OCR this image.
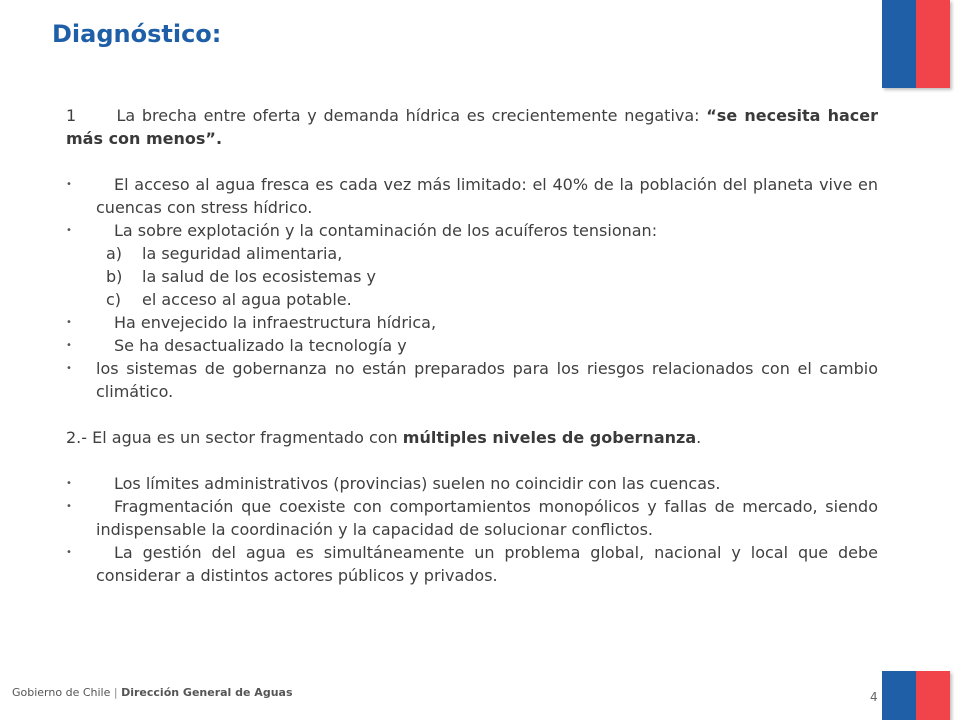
Diagnóstico:

1	La brecha entre oferta y demanda hídrica es crecientemente negativa: “se necesita hacer más con menos”.

•	El acceso al agua fresca es cada vez más limitado: el 40% de la población del planeta vive en cuencas con stress hídrico.
•	La sobre explotación y la contaminación de los acuíferos tensionan:
a) la seguridad alimentaria,
b) la salud de los ecosistemas y
c) el acceso al agua potable.
•	Ha envejecido la infraestructura hídrica,
•	Se ha desactualizado la tecnología y
• los sistemas de gobernanza no están preparados para los riesgos relacionados con el cambio climático.

2.- El agua es un sector fragmentado con múltiples niveles de gobernanza.

•	Los límites administrativos (provincias) suelen no coincidir con las cuencas.
•	Fragmentación que coexiste con comportamientos monopólicos y fallas de mercado, siendo indispensable la coordinación y la capacidad de solucionar conflictos.
•	La gestión del agua es simultáneamente un problema global, nacional y local que debe considerar a distintos actores públicos y privados.
Gobierno de Chile | Dirección General de Aguas	4
